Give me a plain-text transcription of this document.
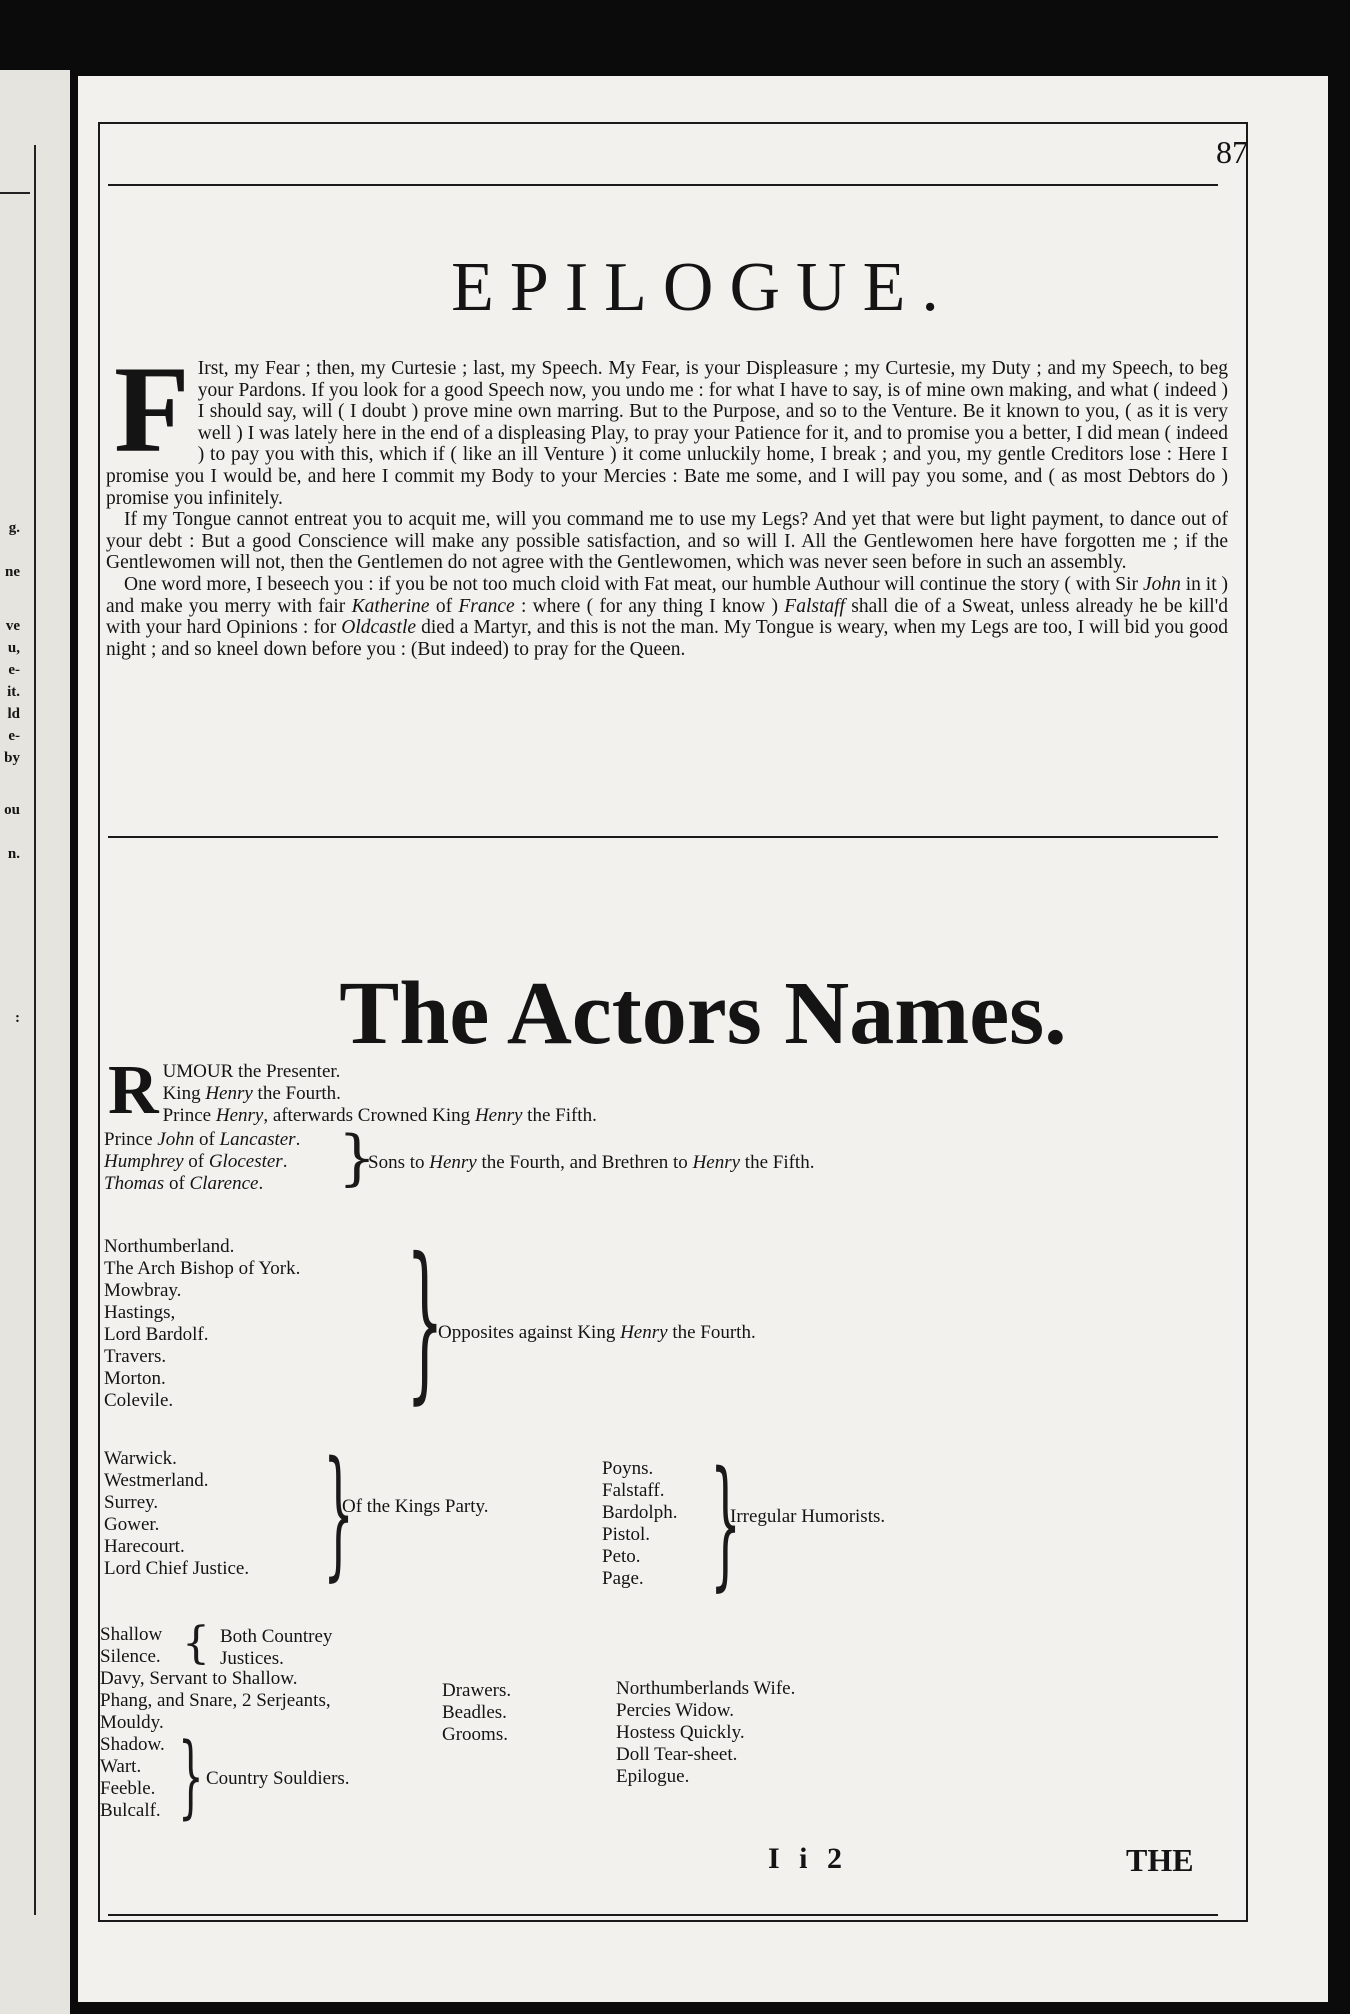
g.
ne
ve
u,
e-
it.
ld
e-
by
ou
n.
:
87
EPILOGUE.

F Irst, my Fear ; then, my Curtesie ; last, my Speech. My Fear, is your Displeasure ; my Curtesie, my Duty ; and my Speech, to beg your Pardons. If you look for a good Speech now, you undo me : for what I have to say, is of mine own making, and what ( indeed ) I should say, will ( I doubt ) prove mine own marring. But to the Purpose, and so to the Venture. Be it known to you, ( as it is very well ) I was lately here in the end of a displeasing Play, to pray your Patience for it, and to promise you a better, I did mean ( indeed ) to pay you with this, which if ( like an ill Venture ) it come unluckily home, I break ; and you, my gentle Creditors lose : Here I promise you I would be, and here I commit my Body to your Mercies : Bate me some, and I will pay you some, and ( as most Debtors do ) promise you infinitely.

If my Tongue cannot entreat you to acquit me, will you command me to use my Legs? And yet that were but light payment, to dance out of your debt : But a good Conscience will make any possible satisfaction, and so will I. All the Gentlewomen here have forgotten me ; if the Gentlewomen will not, then the Gentlemen do not agree with the Gentlewomen, which was never seen before in such an assembly.

One word more, I beseech you : if you be not too much cloid with Fat meat, our humble Authour will continue the story ( with Sir John in it ) and make you merry with fair Katherine of France : where ( for any thing I know ) Falstaff shall die of a Sweat, unless already he be kill'd with your hard Opinions : for Oldcastle died a Martyr, and this is not the man. My Tongue is weary, when my Legs are too, I will bid you good night ; and so kneel down before you : (But indeed) to pray for the Queen.

The Actors Names.
R UMOUR the Presenter.
King Henry the Fourth.
Prince Henry, afterwards Crowned King Henry the Fifth.
Prince John of Lancaster.
Humphrey of Glocester.
Thomas of Clarence.	}
Sons to Henry the Fourth, and Brethren to Henry the Fifth.
Northumberland.
The Arch Bishop of York.
Mowbray.
Hastings,
Lord Bardolf.
Travers.
Morton.
Colevile.	}
Opposites against King Henry the Fourth.
Warwick.
Westmerland.
Surrey.
Gower.
Harecourt.
Lord Chief Justice. }
Of the Kings Party.
Poyns.
Falstaff.
Bardolph.
Pistol.
Peto.
Page. }
Irregular Humorists.
Shallow
Silence. { Both Countrey
Justices.
Davy, Servant to Shallow.
Phang, and Snare, 2 Serjeants,
Mouldy.
Shadow.
Wart.
Feeble.
Bulcalf. } Country Souldiers.
Drawers.
Beadles.
Grooms.
Northumberlands Wife.
Percies Widow.
Hostess Quickly.
Doll Tear-sheet.
Epilogue.
I i 2	THE
